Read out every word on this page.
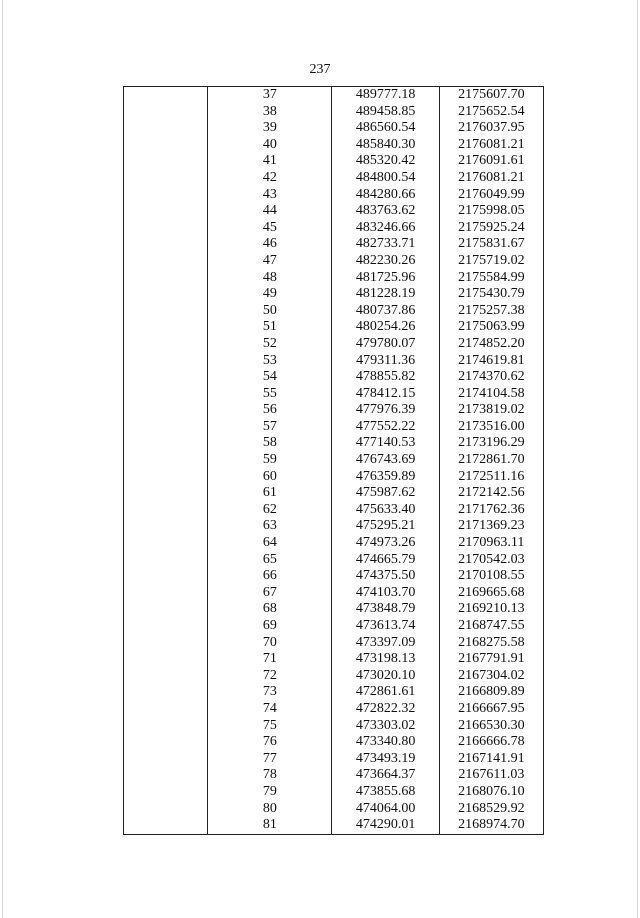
237
	37	489777.18	2175607.70
	38	489458.85	2175652.54
	39	486560.54	2176037.95
	40	485840.30	2176081.21
	41	485320.42	2176091.61
	42	484800.54	2176081.21
	43	484280.66	2176049.99
	44	483763.62	2175998.05
	45	483246.66	2175925.24
	46	482733.71	2175831.67
	47	482230.26	2175719.02
	48	481725.96	2175584.99
	49	481228.19	2175430.79
	50	480737.86	2175257.38
	51	480254.26	2175063.99
	52	479780.07	2174852.20
	53	479311.36	2174619.81
	54	478855.82	2174370.62
	55	478412.15	2174104.58
	56	477976.39	2173819.02
	57	477552.22	2173516.00
	58	477140.53	2173196.29
	59	476743.69	2172861.70
	60	476359.89	2172511.16
	61	475987.62	2172142.56
	62	475633.40	2171762.36
	63	475295.21	2171369.23
	64	474973.26	2170963.11
	65	474665.79	2170542.03
	66	474375.50	2170108.55
	67	474103.70	2169665.68
	68	473848.79	2169210.13
	69	473613.74	2168747.55
	70	473397.09	2168275.58
	71	473198.13	2167791.91
	72	473020.10	2167304.02
	73	472861.61	2166809.89
	74	472822.32	2166667.95
	75	473303.02	2166530.30
	76	473340.80	2166666.78
	77	473493.19	2167141.91
	78	473664.37	2167611.03
	79	473855.68	2168076.10
	80	474064.00	2168529.92
	81	474290.01	2168974.70
